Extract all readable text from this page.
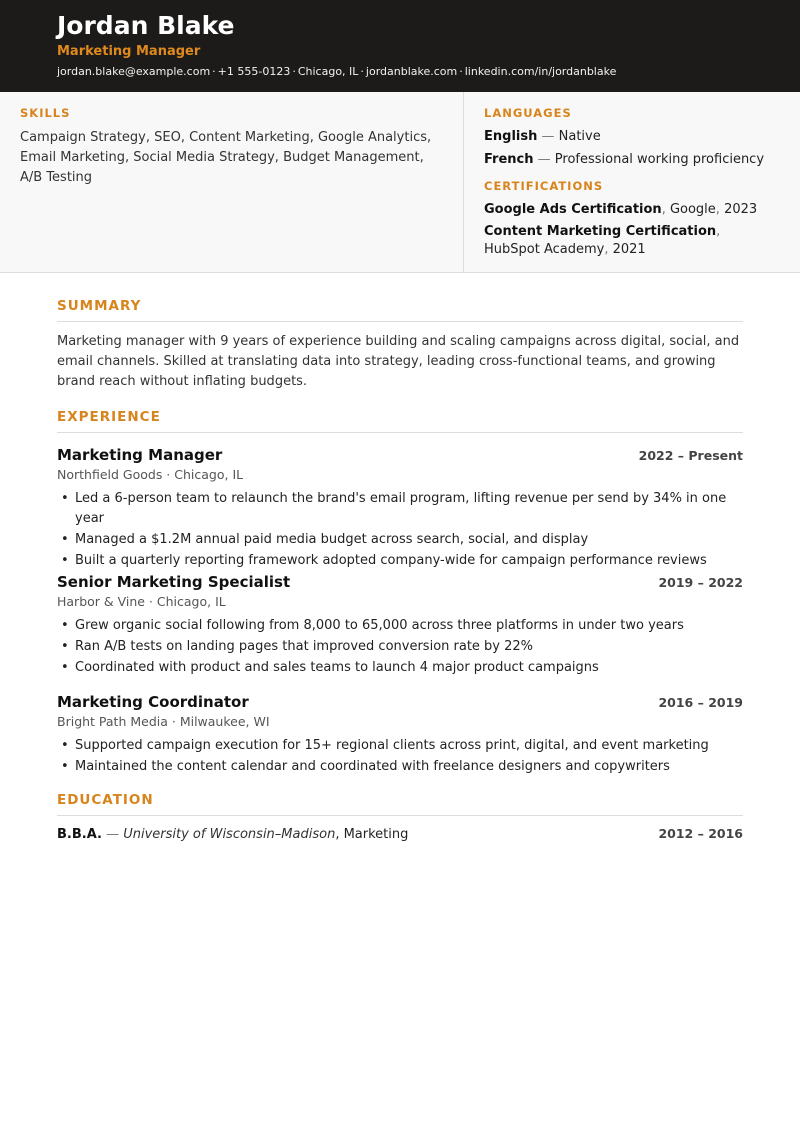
Jordan Blake
Marketing Manager
jordan.blake@example.com · +1 555-0123 · Chicago, IL · jordanblake.com · linkedin.com/in/jordanblake
SKILLS
Campaign Strategy, SEO, Content Marketing, Google Analytics, Email Marketing, Social Media Strategy, Budget Management, A/B Testing
LANGUAGES
English — Native
French — Professional working proficiency
CERTIFICATIONS
Google Ads Certification, Google, 2023
Content Marketing Certification, HubSpot Academy, 2021
SUMMARY
Marketing manager with 9 years of experience building and scaling campaigns across digital, social, and email channels. Skilled at translating data into strategy, leading cross-functional teams, and growing brand reach without inflating budgets.
EXPERIENCE
Marketing Manager	2022 – Present
Northfield Goods · Chicago, IL
• Led a 6-person team to relaunch the brand's email program, lifting revenue per send by 34% in one year
• Managed a $1.2M annual paid media budget across search, social, and display
• Built a quarterly reporting framework adopted company-wide for campaign performance reviews
Senior Marketing Specialist	2019 – 2022
Harbor & Vine · Chicago, IL
• Grew organic social following from 8,000 to 65,000 across three platforms in under two years
• Ran A/B tests on landing pages that improved conversion rate by 22%
• Coordinated with product and sales teams to launch 4 major product campaigns
Marketing Coordinator	2016 – 2019
Bright Path Media · Milwaukee, WI
• Supported campaign execution for 15+ regional clients across print, digital, and event marketing
• Maintained the content calendar and coordinated with freelance designers and copywriters
EDUCATION
B.B.A. — University of Wisconsin–Madison, Marketing	2012 – 2016
